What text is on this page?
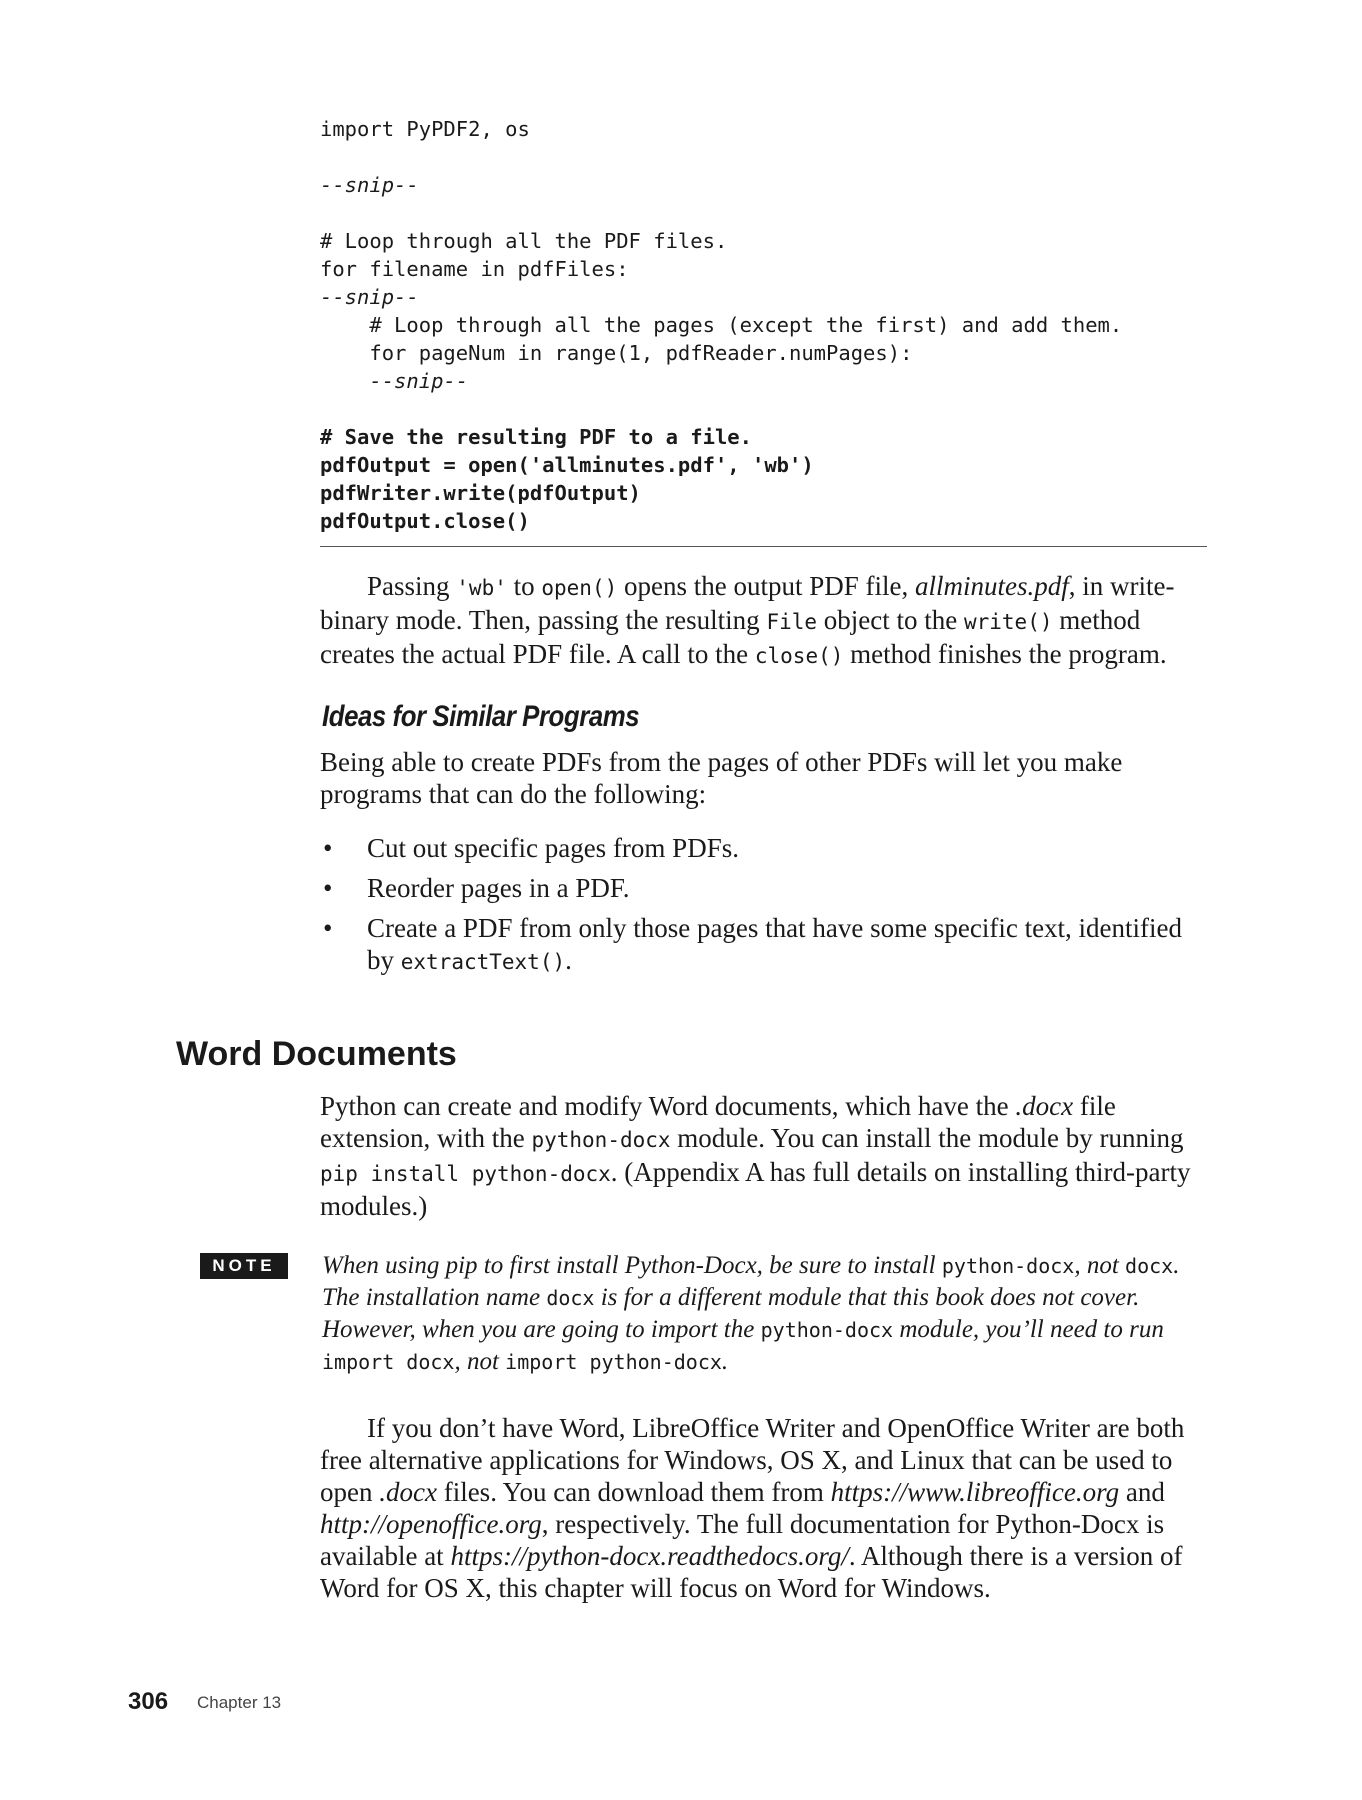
import PyPDF2, os
--snip--
# Loop through all the PDF files.
for filename in pdfFiles:
--snip--
# Loop through all the pages (except the first) and add them.
for pageNum in range(1, pdfReader.numPages):
--snip--
# Save the resulting PDF to a file.
pdfOutput = open('allminutes.pdf', 'wb')
pdfWriter.write(pdfOutput)
pdfOutput.close()

Passing 'wb' to open() opens the output PDF file, allminutes.pdf, in write-binary mode. Then, passing the resulting File object to the write() method creates the actual PDF file. A call to the close() method finishes the program.

Ideas for Similar Programs

Being able to create PDFs from the pages of other PDFs will let you make programs that can do the following:

• Cut out specific pages from PDFs.
• Reorder pages in a PDF.
• Create a PDF from only those pages that have some specific text, identified by extractText().
Word Documents

Python can create and modify Word documents, which have the .docx file extension, with the python-docx module. You can install the module by running pip install python-docx. (Appendix A has full details on installing third-party modules.)

NOTE	When using pip to first install Python-Docx, be sure to install python-docx, not docx. The installation name docx is for a different module that this book does not cover. However, when you are going to import the python-docx module, you’ll need to run import docx, not import python-docx.

If you don’t have Word, LibreOffice Writer and OpenOffice Writer are both free alternative applications for Windows, OS X, and Linux that can be used to open .docx files. You can download them from https://www.libreoffice.org and http://openoffice.org, respectively. The full documentation for Python-Docx is available at https://python-docx.readthedocs.org/. Although there is a version of Word for OS X, this chapter will focus on Word for Windows.

306 Chapter 13
